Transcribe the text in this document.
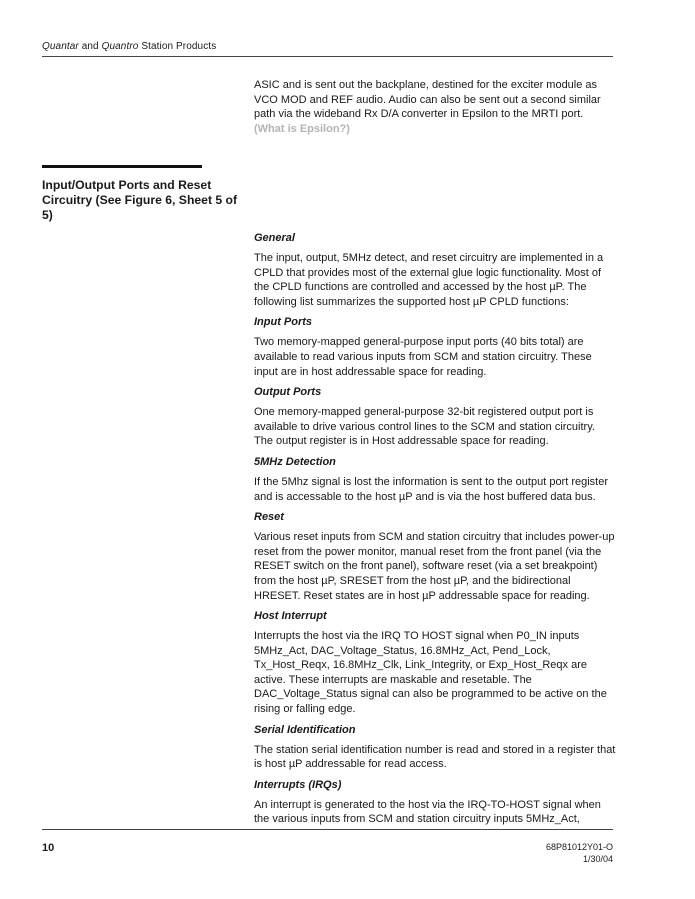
Quantar and Quantro Station Products

ASIC and is sent out the backplane, destined for the exciter module as VCO MOD and REF audio. Audio can also be sent out a second similar path via the wideband Rx D/A converter in Epsilon to the MRTI port. (What is Epsilon?)

Input/Output Ports and Reset Circuitry (See Figure 6, Sheet 5 of 5)
General

The input, output, 5MHz detect, and reset circuitry are implemented in a CPLD that provides most of the external glue logic functionality. Most of the CPLD functions are controlled and accessed by the host µP. The following list summarizes the supported host µP CPLD functions:

Input Ports

Two memory-mapped general-purpose input ports (40 bits total) are available to read various inputs from SCM and station circuitry. These input are in host addressable space for reading.

Output Ports

One memory-mapped general-purpose 32-bit registered output port is available to drive various control lines to the SCM and station circuitry. The output register is in Host addressable space for reading.

5MHz Detection

If the 5Mhz signal is lost the information is sent to the output port register and is accessable to the host µP and is via the host buffered data bus.

Reset

Various reset inputs from SCM and station circuitry that includes power-up reset from the power monitor, manual reset from the front panel (via the RESET switch on the front panel), software reset (via a set breakpoint) from the host µP, SRESET from the host µP, and the bidirectional HRESET. Reset states are in host µP addressable space for reading.

Host Interrupt

Interrupts the host via the IRQ TO HOST signal when P0_IN inputs 5MHz_Act, DAC_Voltage_Status, 16.8MHz_Act, Pend_Lock, Tx_Host_Reqx, 16.8MHz_Clk, Link_Integrity, or Exp_Host_Reqx are active. These interrupts are maskable and resetable. The DAC_Voltage_Status signal can also be programmed to be active on the rising or falling edge.

Serial Identification

The station serial identification number is read and stored in a register that is host µP addressable for read access.

Interrupts (IRQs)

An interrupt is generated to the host via the IRQ-TO-HOST signal when the various inputs from SCM and station circuitry inputs 5MHz_Act,

10	68P81012Y01-O
1/30/04
